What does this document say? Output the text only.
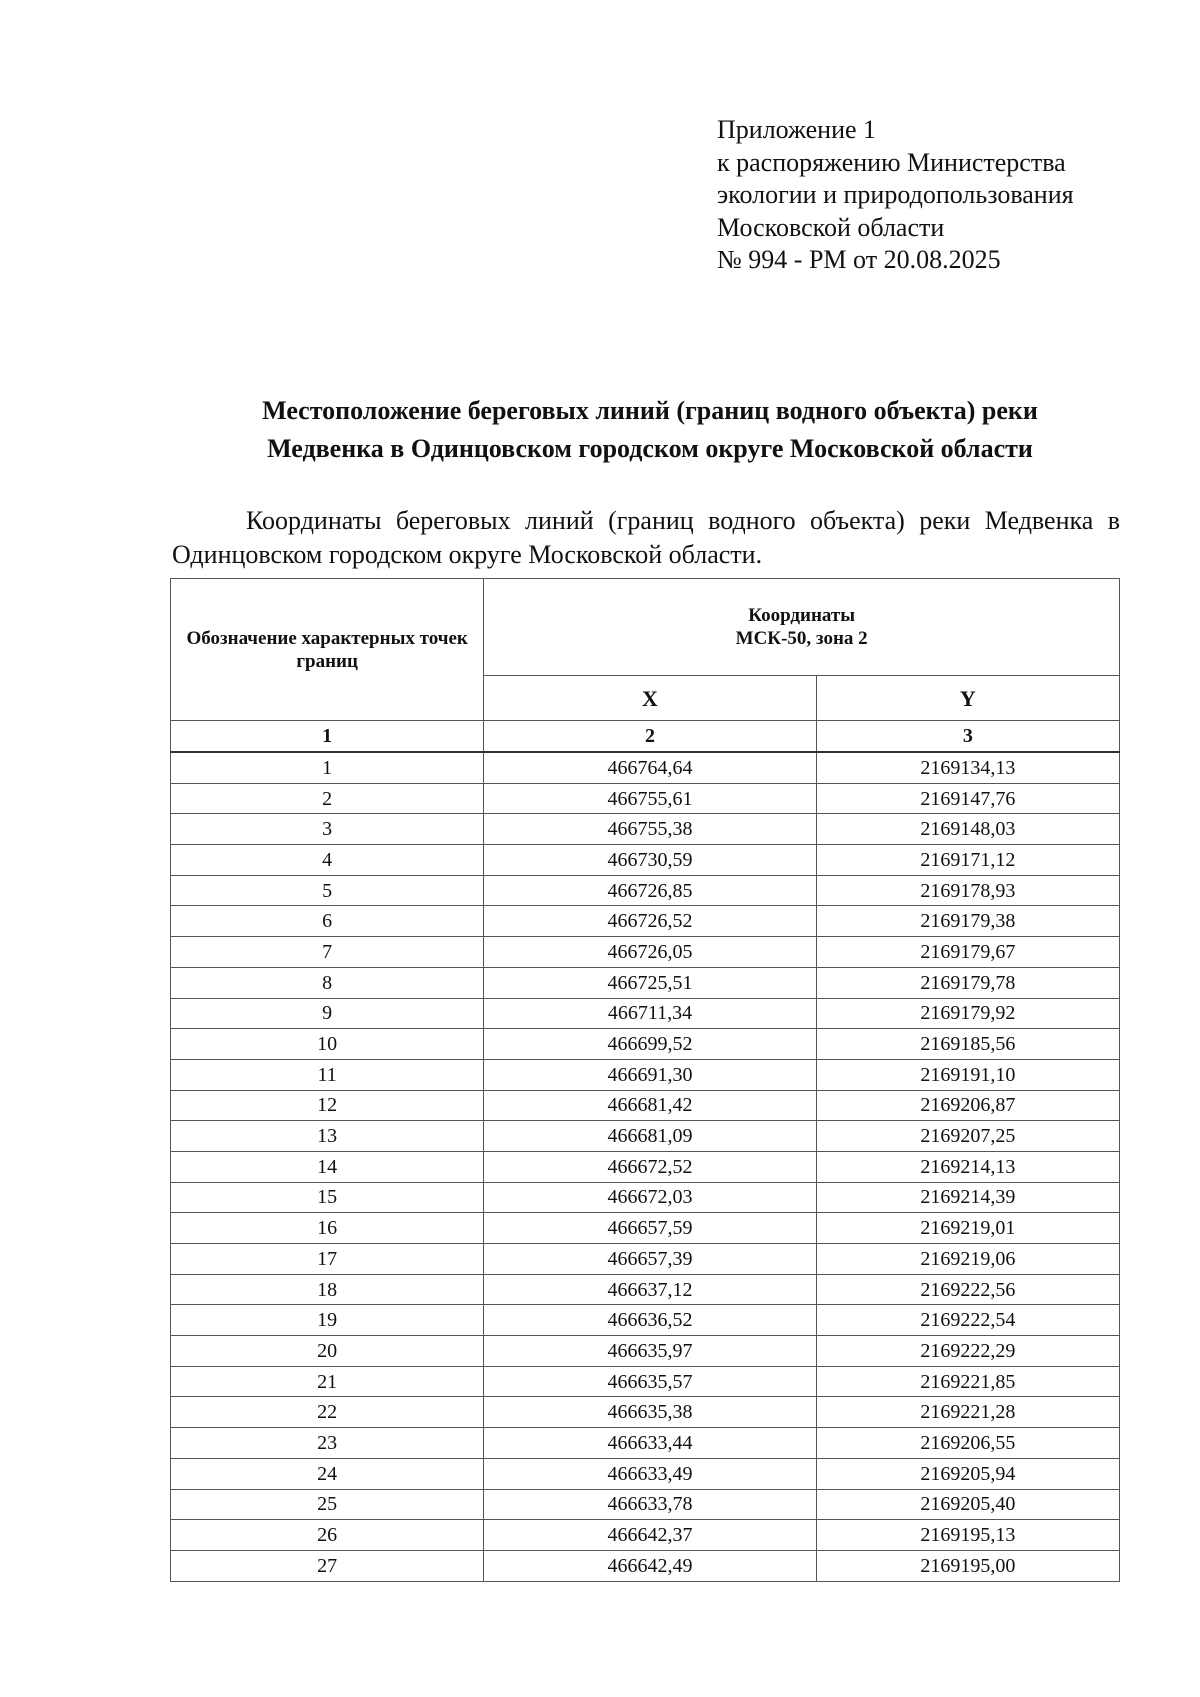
Приложение 1
к распоряжению Министерства
экологии и природопользования
Московской области
№ 994 - РМ от 20.08.2025
Местоположение береговых линий (границ водного объекта) реки
Медвенка в Одинцовском городском округе Московской области
Координаты береговых линий (границ водного объекта) реки Медвенка в Одинцовском городском округе Московской области.
Обозначение характерных точек границ	Координаты
МСК-50, зона 2	

	X	Y
1	2	3
1	466764,64	2169134,13
2	466755,61	2169147,76
3	466755,38	2169148,03
4	466730,59	2169171,12
5	466726,85	2169178,93
6	466726,52	2169179,38
7	466726,05	2169179,67
8	466725,51	2169179,78
9	466711,34	2169179,92
10	466699,52	2169185,56
11	466691,30	2169191,10
12	466681,42	2169206,87
13	466681,09	2169207,25
14	466672,52	2169214,13
15	466672,03	2169214,39
16	466657,59	2169219,01
17	466657,39	2169219,06
18	466637,12	2169222,56
19	466636,52	2169222,54
20	466635,97	2169222,29
21	466635,57	2169221,85
22	466635,38	2169221,28
23	466633,44	2169206,55
24	466633,49	2169205,94
25	466633,78	2169205,40
26	466642,37	2169195,13
27	466642,49	2169195,00
